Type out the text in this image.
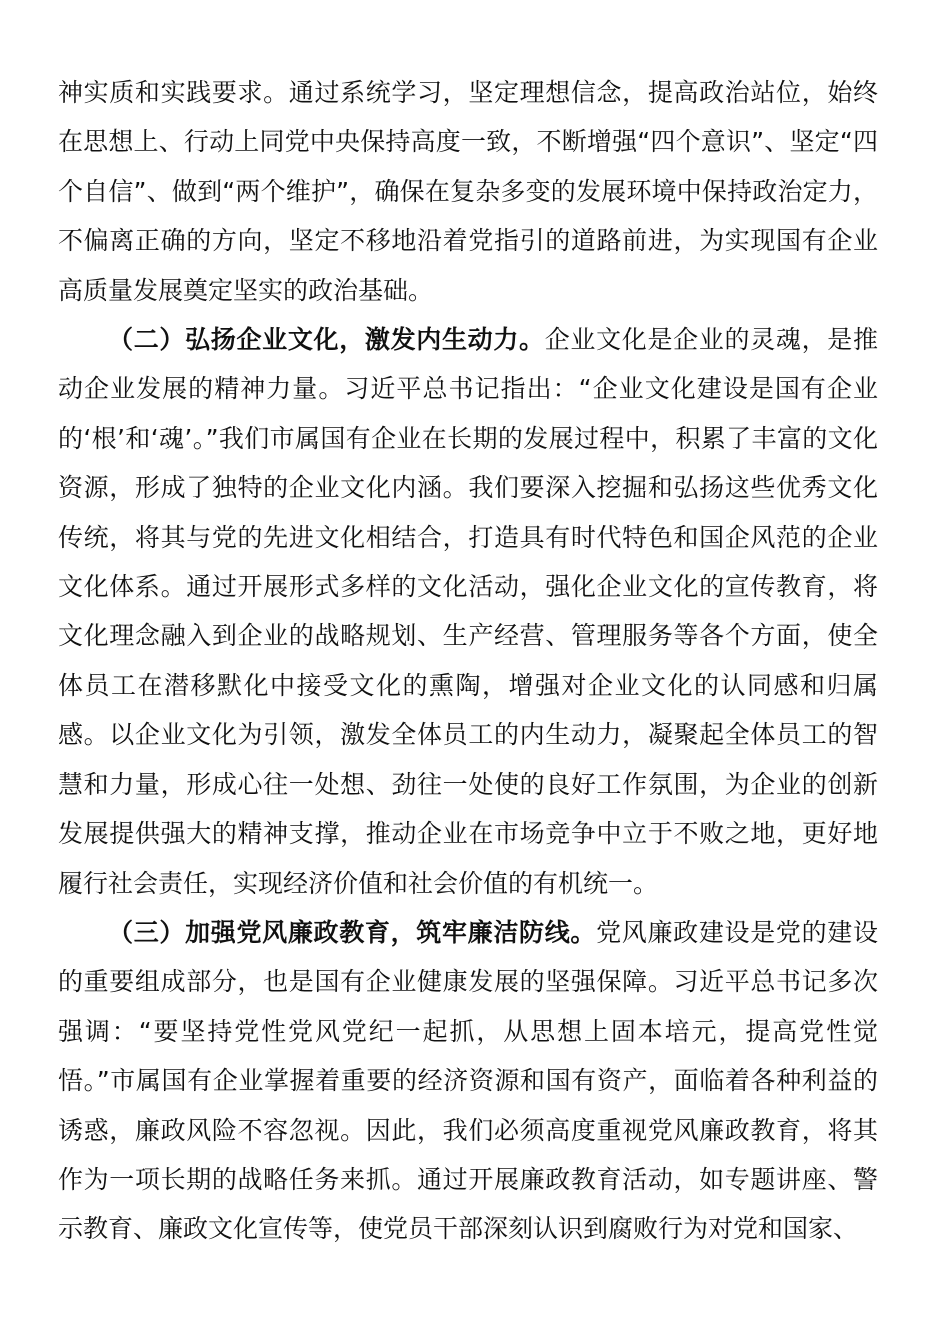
神实质和实践要求。通过系统学习，坚定理想信念，提高政治站位，始终在思想上、行动上同党中央保持高度一致，不断增强“四个意识”、坚定“四个自信”、做到“两个维护”，确保在复杂多变的发展环境中保持政治定力，不偏离正确的方向，坚定不移地沿着党指引的道路前进，为实现国有企业高质量发展奠定坚实的政治基础。

（二）弘扬企业文化，激发内生动力。企业文化是企业的灵魂，是推动企业发展的精神力量。习近平总书记指出：“企业文化建设是国有企业的‘根’和‘魂’。”我们市属国有企业在长期的发展过程中，积累了丰富的文化资源，形成了独特的企业文化内涵。我们要深入挖掘和弘扬这些优秀文化传统，将其与党的先进文化相结合，打造具有时代特色和国企风范的企业文化体系。通过开展形式多样的文化活动，强化企业文化的宣传教育，将文化理念融入到企业的战略规划、生产经营、管理服务等各个方面，使全体员工在潜移默化中接受文化的熏陶，增强对企业文化的认同感和归属感。以企业文化为引领，激发全体员工的内生动力，凝聚起全体员工的智慧和力量，形成心往一处想、劲往一处使的良好工作氛围，为企业的创新发展提供强大的精神支撑，推动企业在市场竞争中立于不败之地，更好地履行社会责任，实现经济价值和社会价值的有机统一。

（三）加强党风廉政教育，筑牢廉洁防线。党风廉政建设是党的建设的重要组成部分，也是国有企业健康发展的坚强保障。习近平总书记多次强调：“要坚持党性党风党纪一起抓，从思想上固本培元，提高党性觉悟。”市属国有企业掌握着重要的经济资源和国有资产，面临着各种利益的诱惑，廉政风险不容忽视。因此，我们必须高度重视党风廉政教育，将其作为一项长期的战略任务来抓。通过开展廉政教育活动，如专题讲座、警示教育、廉政文化宣传等，使党员干部深刻认识到腐败行为对党和国家、
